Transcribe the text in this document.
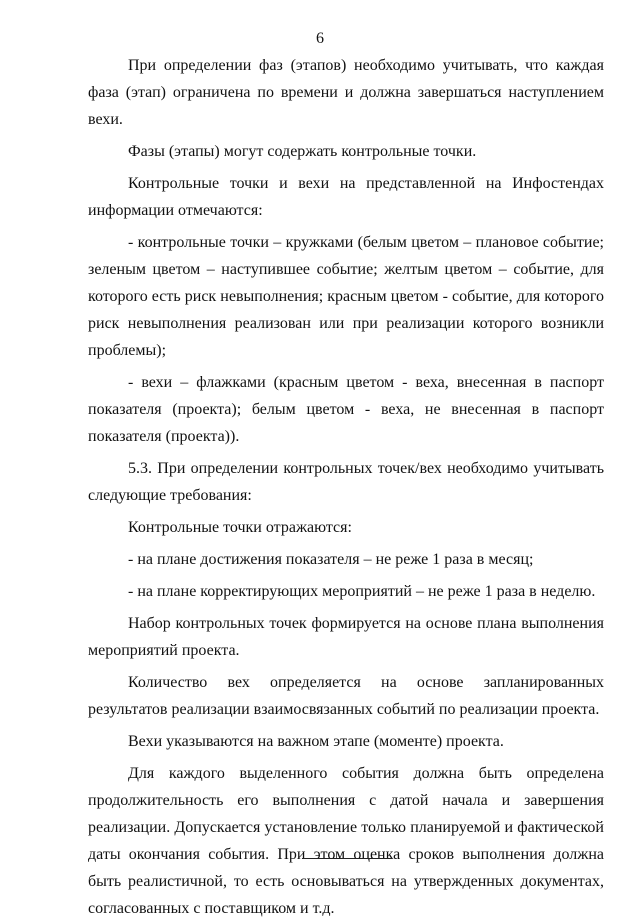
6

При определении фаз (этапов) необходимо учитывать, что каждая фаза (этап) ограничена по времени и должна завершаться наступлением вехи.

Фазы (этапы) могут содержать контрольные точки.

Контрольные точки и вехи на представленной на Инфостендах информации отмечаются:

- контрольные точки – кружками (белым цветом – плановое событие; зеленым цветом – наступившее событие; желтым цветом – событие, для которого есть риск невыполнения; красным цветом - событие, для которого риск невыполнения реализован или при реализации которого возникли проблемы);

- вехи – флажками (красным цветом - веха, внесенная в паспорт показателя (проекта); белым цветом - веха, не внесенная в паспорт показателя (проекта)).

5.3. При определении контрольных точек/вех необходимо учитывать следующие требования:

Контрольные точки отражаются:

- на плане достижения показателя – не реже 1 раза в месяц;

- на плане корректирующих мероприятий – не реже 1 раза в неделю.

Набор контрольных точек формируется на основе плана выполнения мероприятий проекта.

Количество вех определяется на основе запланированных результатов реализации взаимосвязанных событий по реализации проекта.

Вехи указываются на важном этапе (моменте) проекта.

Для каждого выделенного события должна быть определена продолжительность его выполнения с датой начала и завершения реализации. Допускается установление только планируемой и фактической даты окончания события. При этом оценка сроков выполнения должна быть реалистичной, то есть основываться на утвержденных документах, согласованных с поставщиком и т.д.
